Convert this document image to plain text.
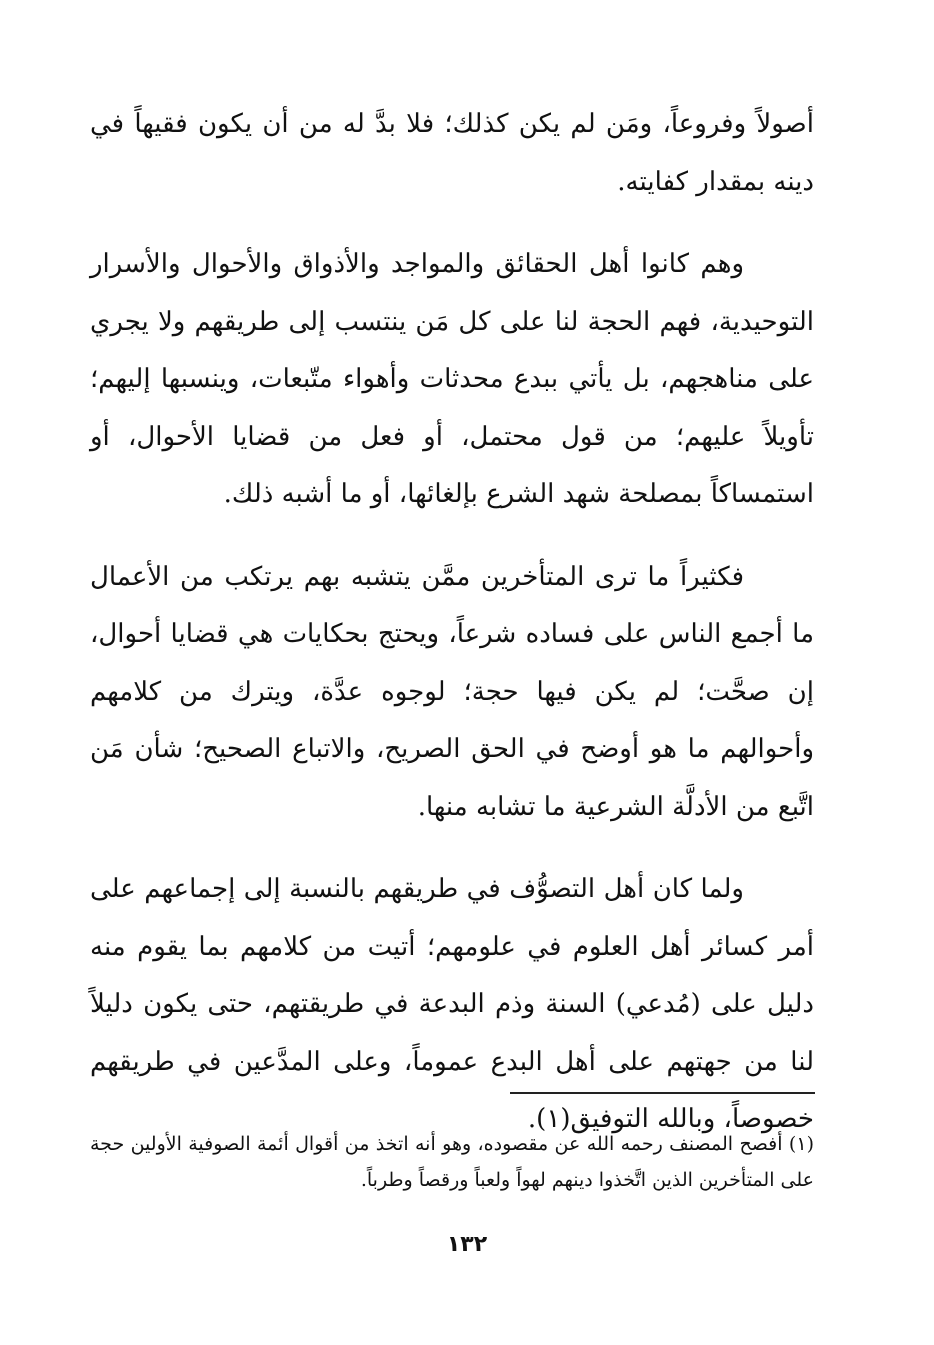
أصولاً وفروعاً، ومَن لم يكن كذلك؛ فلا بدَّ له من أن يكون فقيهاً في دينه بمقدار كفايته.

وهم كانوا أهل الحقائق والمواجد والأذواق والأحوال والأسرار التوحيدية، فهم الحجة لنا على كل مَن ينتسب إلى طريقهم ولا يجري على مناهجهم، بل يأتي ببدع محدثات وأهواء متّبعات، وينسبها إليهم؛ تأويلاً عليهم؛ من قول محتمل، أو فعل من قضايا الأحوال، أو استمساكاً بمصلحة شهد الشرع بإلغائها، أو ما أشبه ذلك.

فكثيراً ما ترى المتأخرين ممَّن يتشبه بهم يرتكب من الأعمال ما أجمع الناس على فساده شرعاً، ويحتج بحكايات هي قضايا أحوال، إن صحَّت؛ لم يكن فيها حجة؛ لوجوه عدَّة، ويترك من كلامهم وأحوالهم ما هو أوضح في الحق الصريح، والاتباع الصحيح؛ شأن مَن اتَّبع من الأدلَّة الشرعية ما تشابه منها.

ولما كان أهل التصوُّف في طريقهم بالنسبة إلى إجماعهم على أمر كسائر أهل العلوم في علومهم؛ أتيت من كلامهم بما يقوم منه دليل على (مُدعي) السنة وذم البدعة في طريقتهم، حتى يكون دليلاً لنا من جهتهم على أهل البدع عموماً، وعلى المدَّعين في طريقهم خصوصاً، وبالله التوفيق(١).

(١) أفصح المصنف رحمه الله عن مقصوده، وهو أنه اتخذ من أقوال أئمة الصوفية الأولين حجة على المتأخرين الذين اتَّخذوا دينهم لهواً ولعباً ورقصاً وطرباً.

١٣٢
